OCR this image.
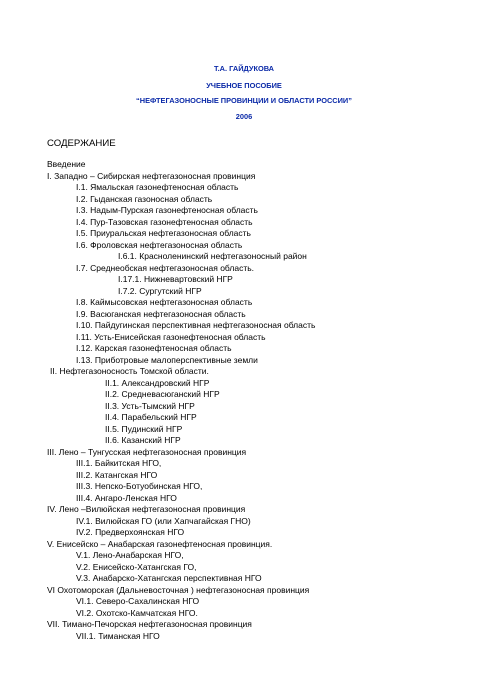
Т.А. ГАЙДУКОВА
УЧЕБНОЕ ПОСОБИЕ
“НЕФТЕГАЗОНОСНЫЕ ПРОВИНЦИИ И ОБЛАСТИ РОССИИ”
2006
СОДЕРЖАНИЕ
Введение
I. Западно – Сибирская нефтегазоносная провинция
I.1. Ямальская газонефтеносная область
I.2. Гыданская газоносная область
I.3. Надым-Пурская газонефтеносная область
I.4. Пур-Тазовская газонефтеносная область
I.5. Приуральская нефтегазоносная область
I.6. Фроловская нефтегазоносная область
I.6.1. Красноленинский нефтегазоносный район
I.7. Среднеобская нефтегазоносная область.
I.17.1. Нижневартовский НГР
I.7.2. Сургутский НГР
I.8. Каймысовская нефтегазоносная область
I.9. Васюганская нефтегазоносная область
I.10. Пайдугинская перспективная нефтегазоносная область
I.11. Усть-Енисейская газонефтеносная область
I.12. Карская газонефтеносная область
I.13. Приботровые малоперспективные земли
II. Нефтегазоносность Томской области.
II.1. Александровский НГР
II.2. Средневасюганский НГР
II.3. Усть-Тымский НГР
II.4. Парабельский НГР
II.5. Пудинский НГР
II.6. Казанский НГР
III. Лено – Тунгусская нефтегазоносная провинция
III.1. Байкитская НГО,
III.2. Катангская НГО
III.3. Непско-Ботуобинская НГО,
III.4. Ангаро-Ленская НГО
IV. Лено –Вилюйская нефтегазоносная провинция
IV.1. Вилюйская ГО (или Хапчагайская ГНО)
IV.2. Предверхоянская НГО
V. Енисейско – Анабарская газонефтеносная провинция.
V.1. Лено-Анабарская НГО,
V.2. Енисейско-Хатангская ГО,
V.3. Анабарско-Хатангская перспективная НГО
VI Охотоморская (Дальневосточная ) нефтегазоносная провинция
VI.1. Северо-Сахалинская НГО
VI.2. Охотско-Камчатская НГО.
VII. Тимано-Печорская нефтегазоносная провинция
VII.1. Тиманская НГО
